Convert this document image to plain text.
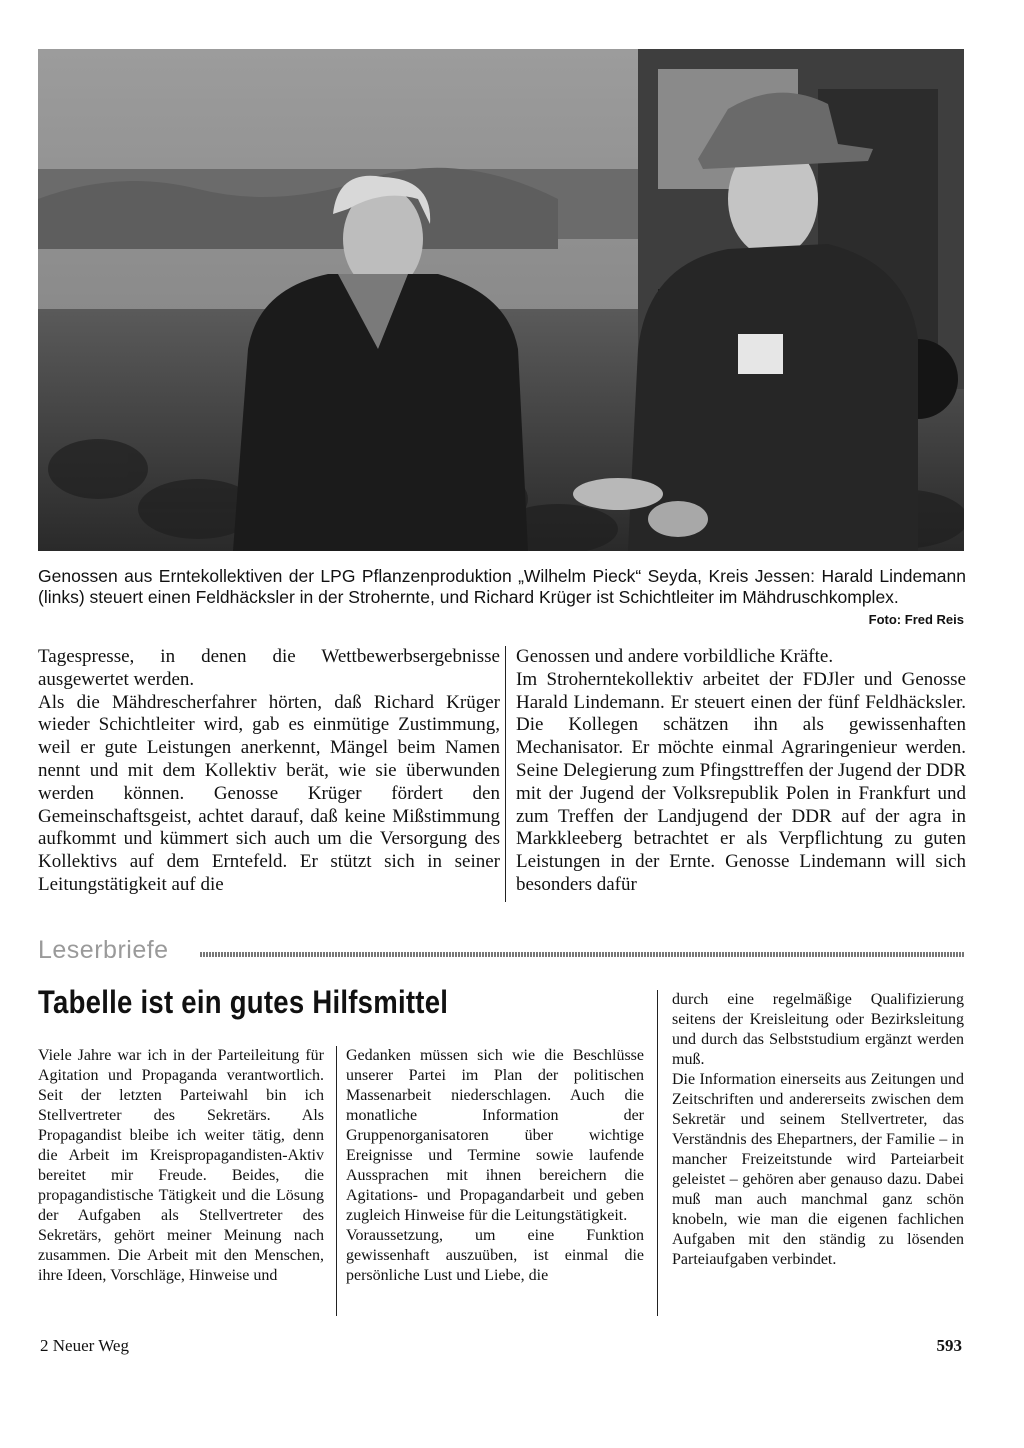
Genossen aus Erntekollektiven der LPG Pflanzenproduktion „Wilhelm Pieck“ Seyda, Kreis Jessen: Harald Lindemann (links) steuert einen Feldhäcksler in der Strohernte, und Richard Krüger ist Schichtleiter im Mähdruschkomplex.
Foto: Fred Reis

Tagespresse, in denen die Wettbewerbsergebnisse ausgewertet werden.

Als die Mähdrescherfahrer hörten, daß Richard Krüger wieder Schichtleiter wird, gab es einmütige Zustimmung, weil er gute Leistungen anerkennt, Mängel beim Namen nennt und mit dem Kollektiv berät, wie sie überwunden werden können. Genosse Krüger fördert den Gemeinschaftsgeist, achtet darauf, daß keine Mißstimmung aufkommt und kümmert sich auch um die Versorgung des Kollektivs auf dem Erntefeld. Er stützt sich in seiner Leitungstätigkeit auf die

Genossen und andere vorbildliche Kräfte.

Im Stroherntekollektiv arbeitet der FDJler und Genosse Harald Lindemann. Er steuert einen der fünf Feldhäcksler. Die Kollegen schätzen ihn als gewissenhaften Mechanisator. Er möchte einmal Agraringenieur werden. Seine Delegierung zum Pfingsttreffen der Jugend der DDR mit der Jugend der Volksrepublik Polen in Frankfurt und zum Treffen der Landjugend der DDR auf der agra in Markkleeberg betrachtet er als Verpflichtung zu guten Leistungen in der Ernte. Genosse Lindemann will sich besonders dafür

Leserbriefe
Tabelle ist ein gutes Hilfsmittel

Viele Jahre war ich in der Parteileitung für Agitation und Propaganda verantwortlich. Seit der letzten Parteiwahl bin ich Stellvertreter des Sekretärs. Als Propagandist bleibe ich weiter tätig, denn die Arbeit im Kreispropagandisten-Aktiv bereitet mir Freude. Beides, die propagandistische Tätigkeit und die Lösung der Aufgaben als Stellvertreter des Sekretärs, gehört meiner Meinung nach zusammen. Die Arbeit mit den Menschen, ihre Ideen, Vorschläge, Hinweise und

Gedanken müssen sich wie die Beschlüsse unserer Partei im Plan der politischen Massenarbeit niederschlagen. Auch die monatliche Information der Gruppenorganisatoren über wichtige Ereignisse und Termine sowie laufende Aussprachen mit ihnen bereichern die Agitations- und Propagandarbeit und geben zugleich Hinweise für die Leitungstätigkeit.

Voraussetzung, um eine Funktion gewissenhaft auszuüben, ist einmal die persönliche Lust und Liebe, die

durch eine regelmäßige Qualifizierung seitens der Kreisleitung oder Bezirksleitung und durch das Selbststudium ergänzt werden muß.

Die Information einerseits aus Zeitungen und Zeitschriften und andererseits zwischen dem Sekretär und seinem Stellvertreter, das Verständnis des Ehepartners, der Familie – in mancher Freizeitstunde wird Parteiarbeit geleistet – gehören aber genauso dazu. Dabei muß man auch manchmal ganz schön knobeln, wie man die eigenen fachlichen Aufgaben mit den ständig zu lösenden Parteiaufgaben verbindet.

2 Neuer Weg	593
